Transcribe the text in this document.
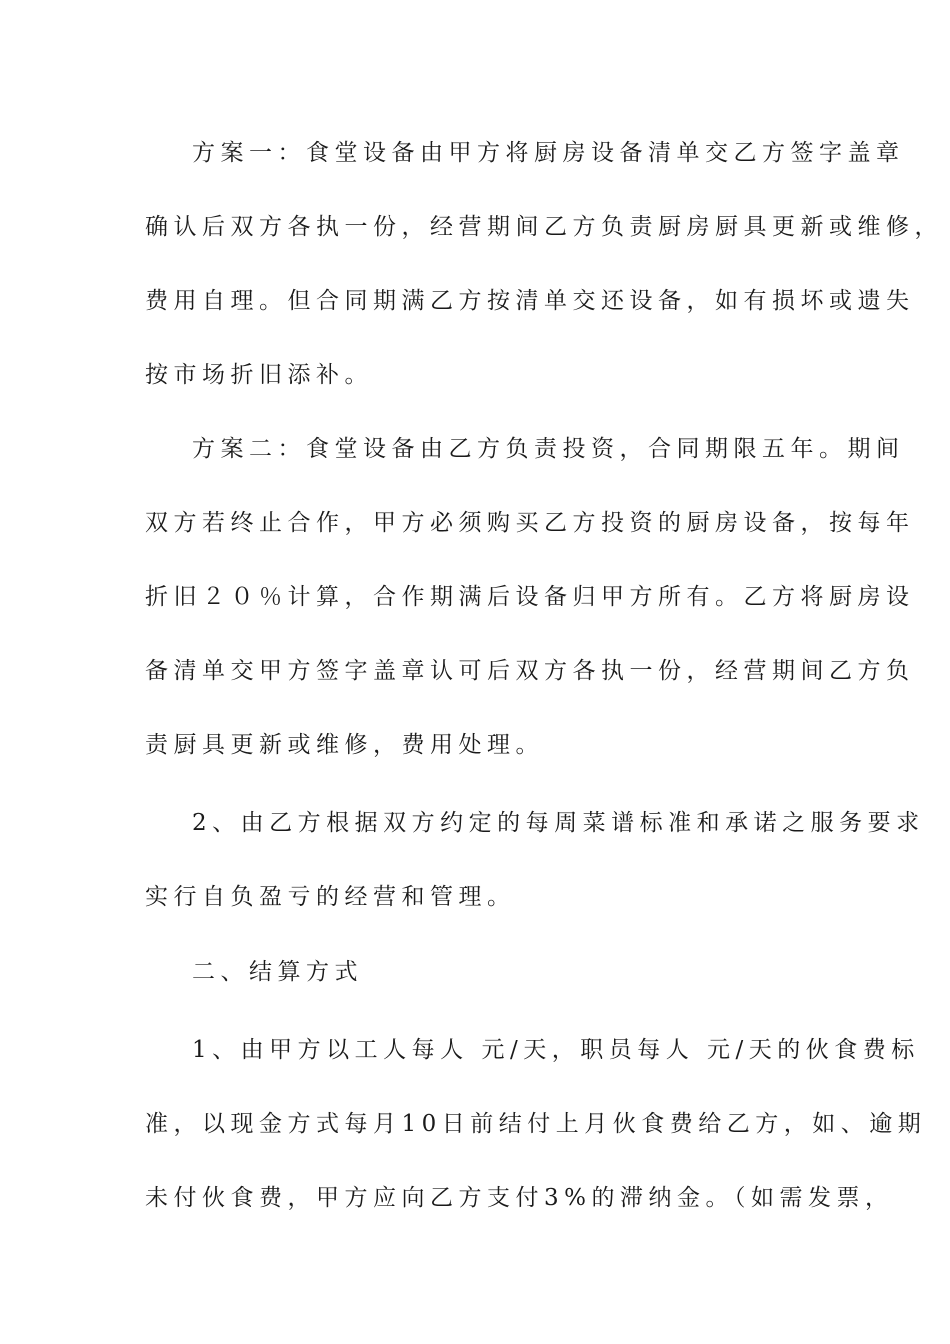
方案一：食堂设备由甲方将厨房设备清单交乙方签字盖章
确认后双方各执一份，经营期间乙方负责厨房厨具更新或维修，
费用自理。但合同期满乙方按清单交还设备，如有损坏或遗失
按市场折旧添补。
方案二：食堂设备由乙方负责投资，合同期限五年。期间
双方若终止合作，甲方必须购买乙方投资的厨房设备，按每年
折旧２０％计算，合作期满后设备归甲方所有。乙方将厨房设
备清单交甲方签字盖章认可后双方各执一份，经营期间乙方负
责厨具更新或维修，费用处理。
2、由乙方根据双方约定的每周菜谱标准和承诺之服务要求
实行自负盈亏的经营和管理。
二、结算方式
1、由甲方以工人每人 元/天，职员每人 元/天的伙食费标
准，以现金方式每月10日前结付上月伙食费给乙方，如、逾期
未付伙食费，甲方应向乙方支付3%的滞纳金。（如需发票，
